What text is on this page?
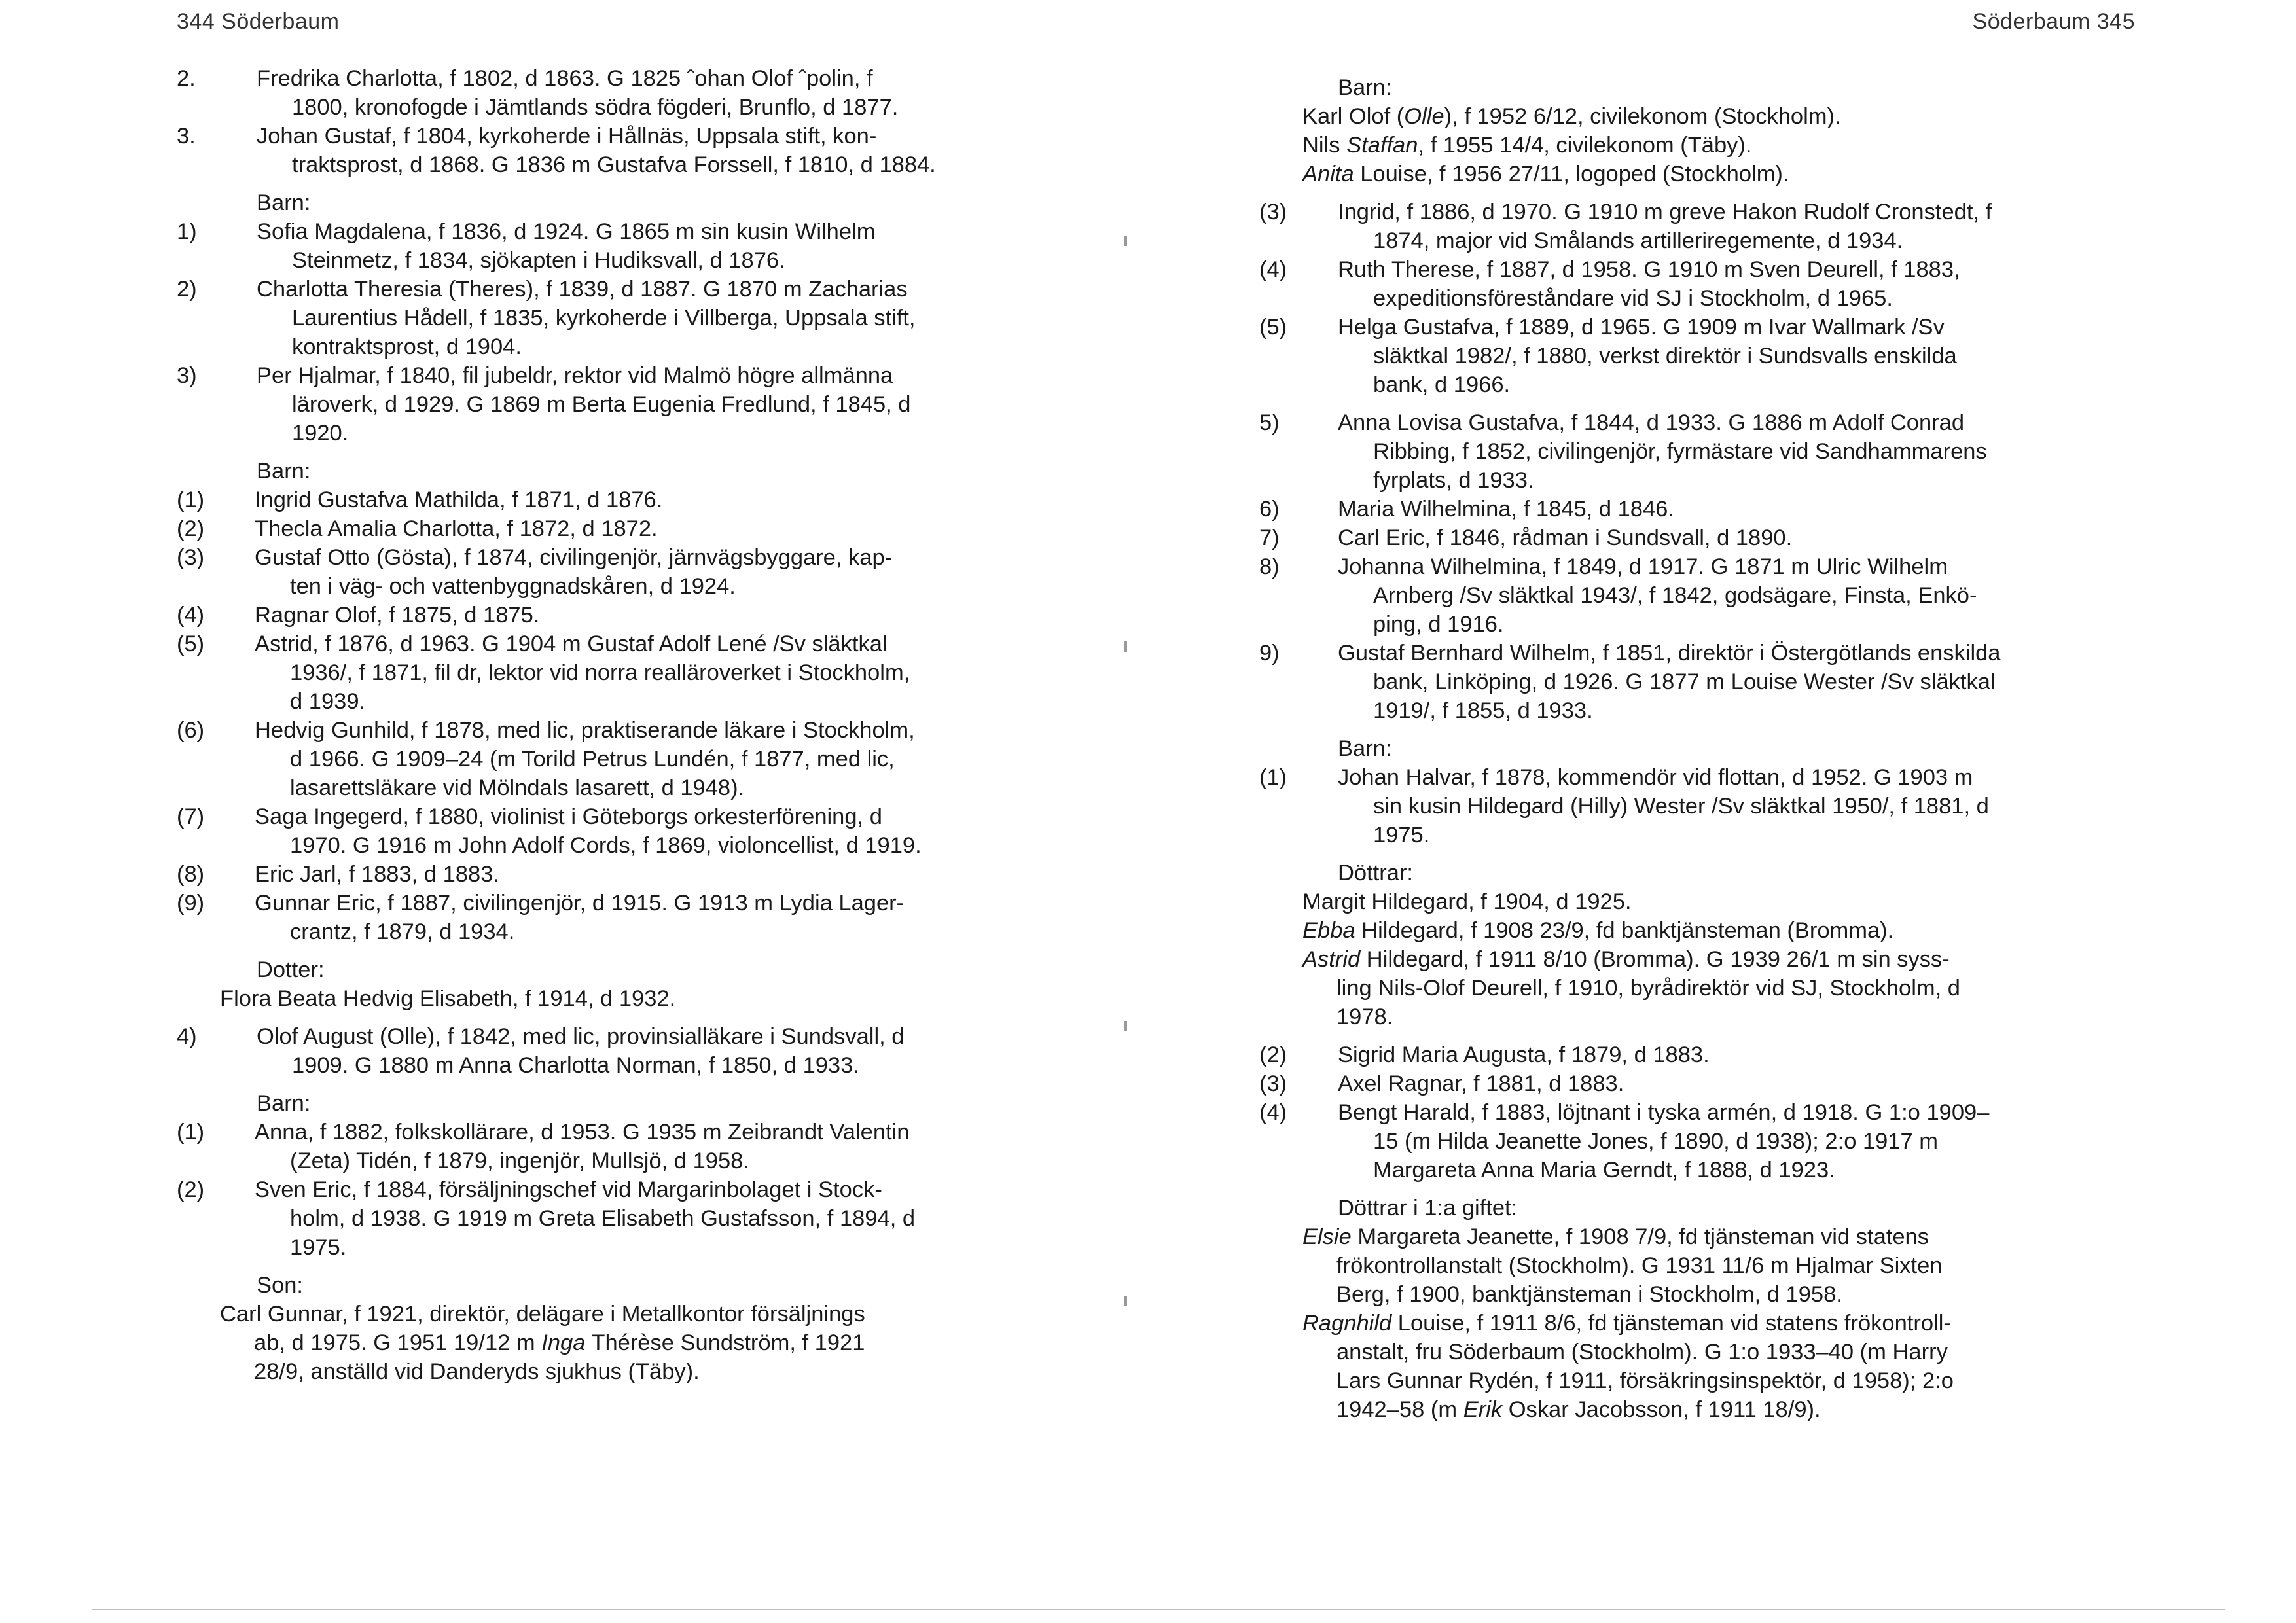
344 Söderbaum
2.	Fredrika Charlotta, f 1802, d 1863. G 1825 ˆohan Olof ˆpolin, f
1800, kronofogde i Jämtlands södra fögderi, Brunflo, d 1877.
3.	Johan Gustaf, f 1804, kyrkoherde i Hållnäs, Uppsala stift, kon-
traktsprost, d 1868. G 1836 m Gustafva Forssell, f 1810, d 1884.
Barn:
1)	Sofia Magdalena, f 1836, d 1924. G 1865 m sin kusin Wilhelm
Steinmetz, f 1834, sjökapten i Hudiksvall, d 1876.
2)	Charlotta Theresia (Theres), f 1839, d 1887. G 1870 m Zacharias
Laurentius Hådell, f 1835, kyrkoherde i Villberga, Uppsala stift,
kontraktsprost, d 1904.
3)	Per Hjalmar, f 1840, fil jubeldr, rektor vid Malmö högre allmänna
läroverk, d 1929. G 1869 m Berta Eugenia Fredlund, f 1845, d
1920.
Barn:
(1)	Ingrid Gustafva Mathilda, f 1871, d 1876.
(2)	Thecla Amalia Charlotta, f 1872, d 1872.
(3)	Gustaf Otto (Gösta), f 1874, civilingenjör, järnvägsbyggare, kap-
ten i väg- och vattenbyggnadskåren, d 1924.
(4)	Ragnar Olof, f 1875, d 1875.
(5)	Astrid, f 1876, d 1963. G 1904 m Gustaf Adolf Lené /Sv släktkal
1936/, f 1871, fil dr, lektor vid norra realläroverket i Stockholm,
d 1939.
(6)	Hedvig Gunhild, f 1878, med lic, praktiserande läkare i Stockholm,
d 1966. G 1909–24 (m Torild Petrus Lundén, f 1877, med lic,
lasarettsläkare vid Mölndals lasarett, d 1948).
(7)	Saga Ingegerd, f 1880, violinist i Göteborgs orkesterförening, d
1970. G 1916 m John Adolf Cords, f 1869, violoncellist, d 1919.
(8)	Eric Jarl, f 1883, d 1883.
(9)	Gunnar Eric, f 1887, civilingenjör, d 1915. G 1913 m Lydia Lager-
crantz, f 1879, d 1934.
Dotter:
Flora Beata Hedvig Elisabeth, f 1914, d 1932.
4)	Olof August (Olle), f 1842, med lic, provinsialläkare i Sundsvall, d
1909. G 1880 m Anna Charlotta Norman, f 1850, d 1933.
Barn:
(1)	Anna, f 1882, folkskollärare, d 1953. G 1935 m Zeibrandt Valentin
(Zeta) Tidén, f 1879, ingenjör, Mullsjö, d 1958.
(2)	Sven Eric, f 1884, försäljningschef vid Margarinbolaget i Stock-
holm, d 1938. G 1919 m Greta Elisabeth Gustafsson, f 1894, d
1975.
Son:
Carl Gunnar, f 1921, direktör, delägare i Metallkontor försäljnings
ab, d 1975. G 1951 19/12 m Inga Thérèse Sundström, f 1921
28/9, anställd vid Danderyds sjukhus (Täby).
Söderbaum 345
Barn:
Karl Olof (Olle), f 1952 6/12, civilekonom (Stockholm).
Nils Staffan, f 1955 14/4, civilekonom (Täby).
Anita Louise, f 1956 27/11, logoped (Stockholm).
(3)	Ingrid, f 1886, d 1970. G 1910 m greve Hakon Rudolf Cronstedt, f
1874, major vid Smålands artilleriregemente, d 1934.
(4)	Ruth Therese, f 1887, d 1958. G 1910 m Sven Deurell, f 1883,
expeditionsföreståndare vid SJ i Stockholm, d 1965.
(5)	Helga Gustafva, f 1889, d 1965. G 1909 m Ivar Wallmark /Sv
släktkal 1982/, f 1880, verkst direktör i Sundsvalls enskilda
bank, d 1966.
5)	Anna Lovisa Gustafva, f 1844, d 1933. G 1886 m Adolf Conrad
Ribbing, f 1852, civilingenjör, fyrmästare vid Sandhammarens
fyrplats, d 1933.
6)	Maria Wilhelmina, f 1845, d 1846.
7)	Carl Eric, f 1846, rådman i Sundsvall, d 1890.
8)	Johanna Wilhelmina, f 1849, d 1917. G 1871 m Ulric Wilhelm
Arnberg /Sv släktkal 1943/, f 1842, godsägare, Finsta, Enkö-
ping, d 1916.
9)	Gustaf Bernhard Wilhelm, f 1851, direktör i Östergötlands enskilda
bank, Linköping, d 1926. G 1877 m Louise Wester /Sv släktkal
1919/, f 1855, d 1933.
Barn:
(1)	Johan Halvar, f 1878, kommendör vid flottan, d 1952. G 1903 m
sin kusin Hildegard (Hilly) Wester /Sv släktkal 1950/, f 1881, d
1975.
Döttrar:
Margit Hildegard, f 1904, d 1925.
Ebba Hildegard, f 1908 23/9, fd banktjänsteman (Bromma).
Astrid Hildegard, f 1911 8/10 (Bromma). G 1939 26/1 m sin syss-
ling Nils-Olof Deurell, f 1910, byrådirektör vid SJ, Stockholm, d
1978.
(2)	Sigrid Maria Augusta, f 1879, d 1883.
(3)	Axel Ragnar, f 1881, d 1883.
(4)	Bengt Harald, f 1883, löjtnant i tyska armén, d 1918. G 1:o 1909–
15 (m Hilda Jeanette Jones, f 1890, d 1938); 2:o 1917 m
Margareta Anna Maria Gerndt, f 1888, d 1923.
Döttrar i 1:a giftet:
Elsie Margareta Jeanette, f 1908 7/9, fd tjänsteman vid statens
frökontrollanstalt (Stockholm). G 1931 11/6 m Hjalmar Sixten
Berg, f 1900, banktjänsteman i Stockholm, d 1958.
Ragnhild Louise, f 1911 8/6, fd tjänsteman vid statens frökontroll-
anstalt, fru Söderbaum (Stockholm). G 1:o 1933–40 (m Harry
Lars Gunnar Rydén, f 1911, försäkringsinspektör, d 1958); 2:o
1942–58 (m Erik Oskar Jacobsson, f 1911 18/9).
